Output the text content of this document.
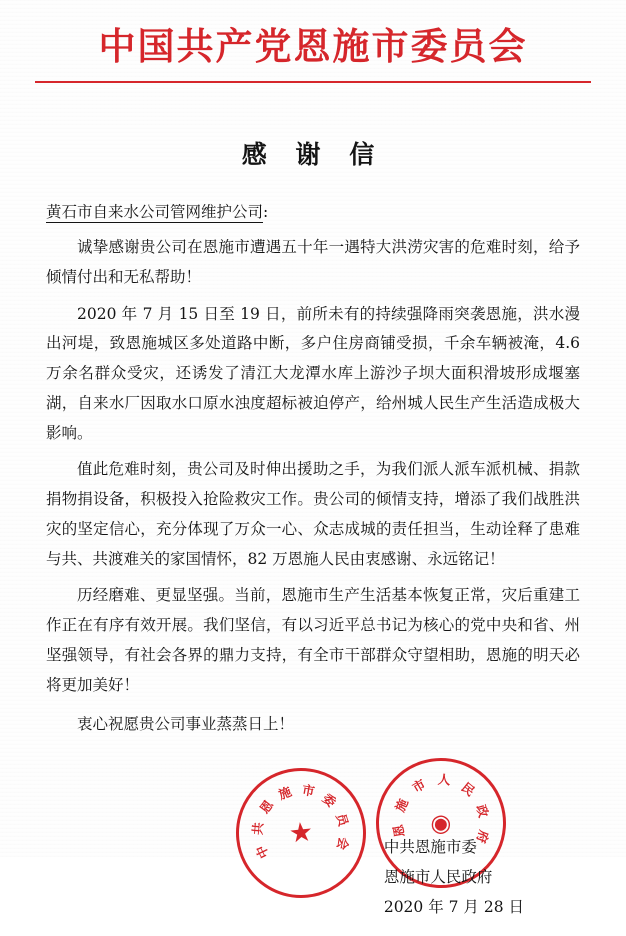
中国共产党恩施市委员会
感 谢 信
黄石市自来水公司管网维护公司:

诚挚感谢贵公司在恩施市遭遇五十年一遇特大洪涝灾害的危难时刻，给予倾情付出和无私帮助！

2020 年 7 月 15 日至 19 日，前所未有的持续强降雨突袭恩施，洪水漫出河堤，致恩施城区多处道路中断，多户住房商铺受损，千余车辆被淹，4.6 万余名群众受灾，还诱发了清江大龙潭水库上游沙子坝大面积滑坡形成堰塞湖，自来水厂因取水口原水浊度超标被迫停产，给州城人民生产生活造成极大影响。

值此危难时刻，贵公司及时伸出援助之手，为我们派人派车派机械、捐款捐物捐设备，积极投入抢险救灾工作。贵公司的倾情支持，增添了我们战胜洪灾的坚定信心，充分体现了万众一心、众志成城的责任担当，生动诠释了患难与共、共渡难关的家国情怀，82 万恩施人民由衷感谢、永远铭记！

历经磨难、更显坚强。当前，恩施市生产生活基本恢复正常，灾后重建工作正在有序有效开展。我们坚信，有以习近平总书记为核心的党中央和省、州坚强领导，有社会各界的鼎力支持，有全市干部群众守望相助，恩施的明天必将更加美好！

衷心祝愿贵公司事业蒸蒸日上！

★
中
共
恩
施 市
委
员
会
◉
恩
施
市 人 民
政
府
中共恩施市委
恩施市人民政府
2020 年 7 月 28 日
